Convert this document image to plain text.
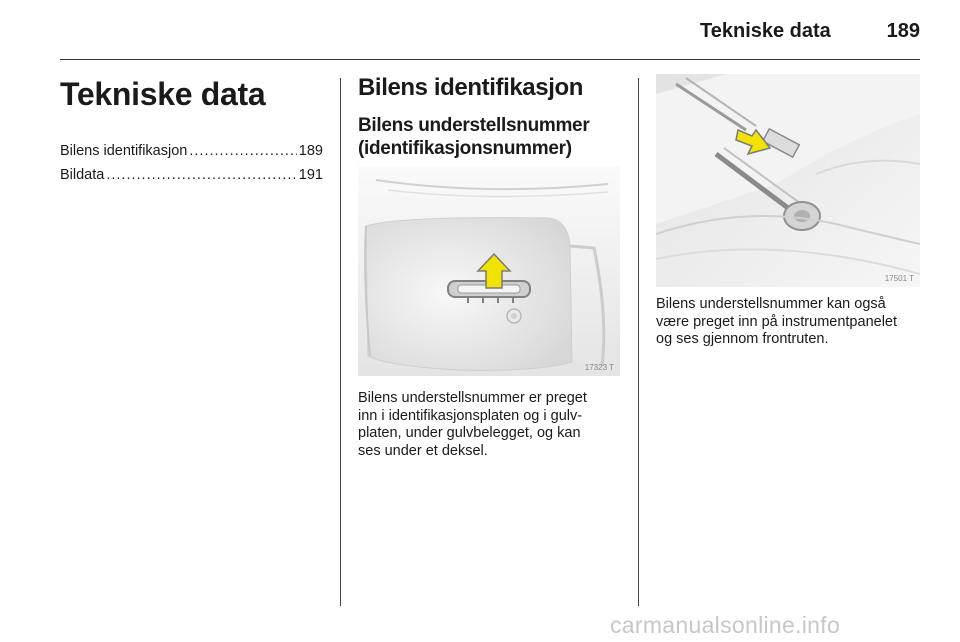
Tekniske data	189
Tekniske data
Bilens identifikasjon .....	189
Bildata .....	191
Bilens identifikasjon
Bilens understellsnummer
(identifikasjonsnummer)
17323 T
17501 T
Bilens understellsnummer er preget
inn i identifikasjonsplaten og i gulv-
platen, under gulvbelegget, og kan
ses under et deksel.
Bilens understellsnummer kan også
være preget inn på instrumentpanelet
og ses gjennom frontruten.
carmanualsonline.info
